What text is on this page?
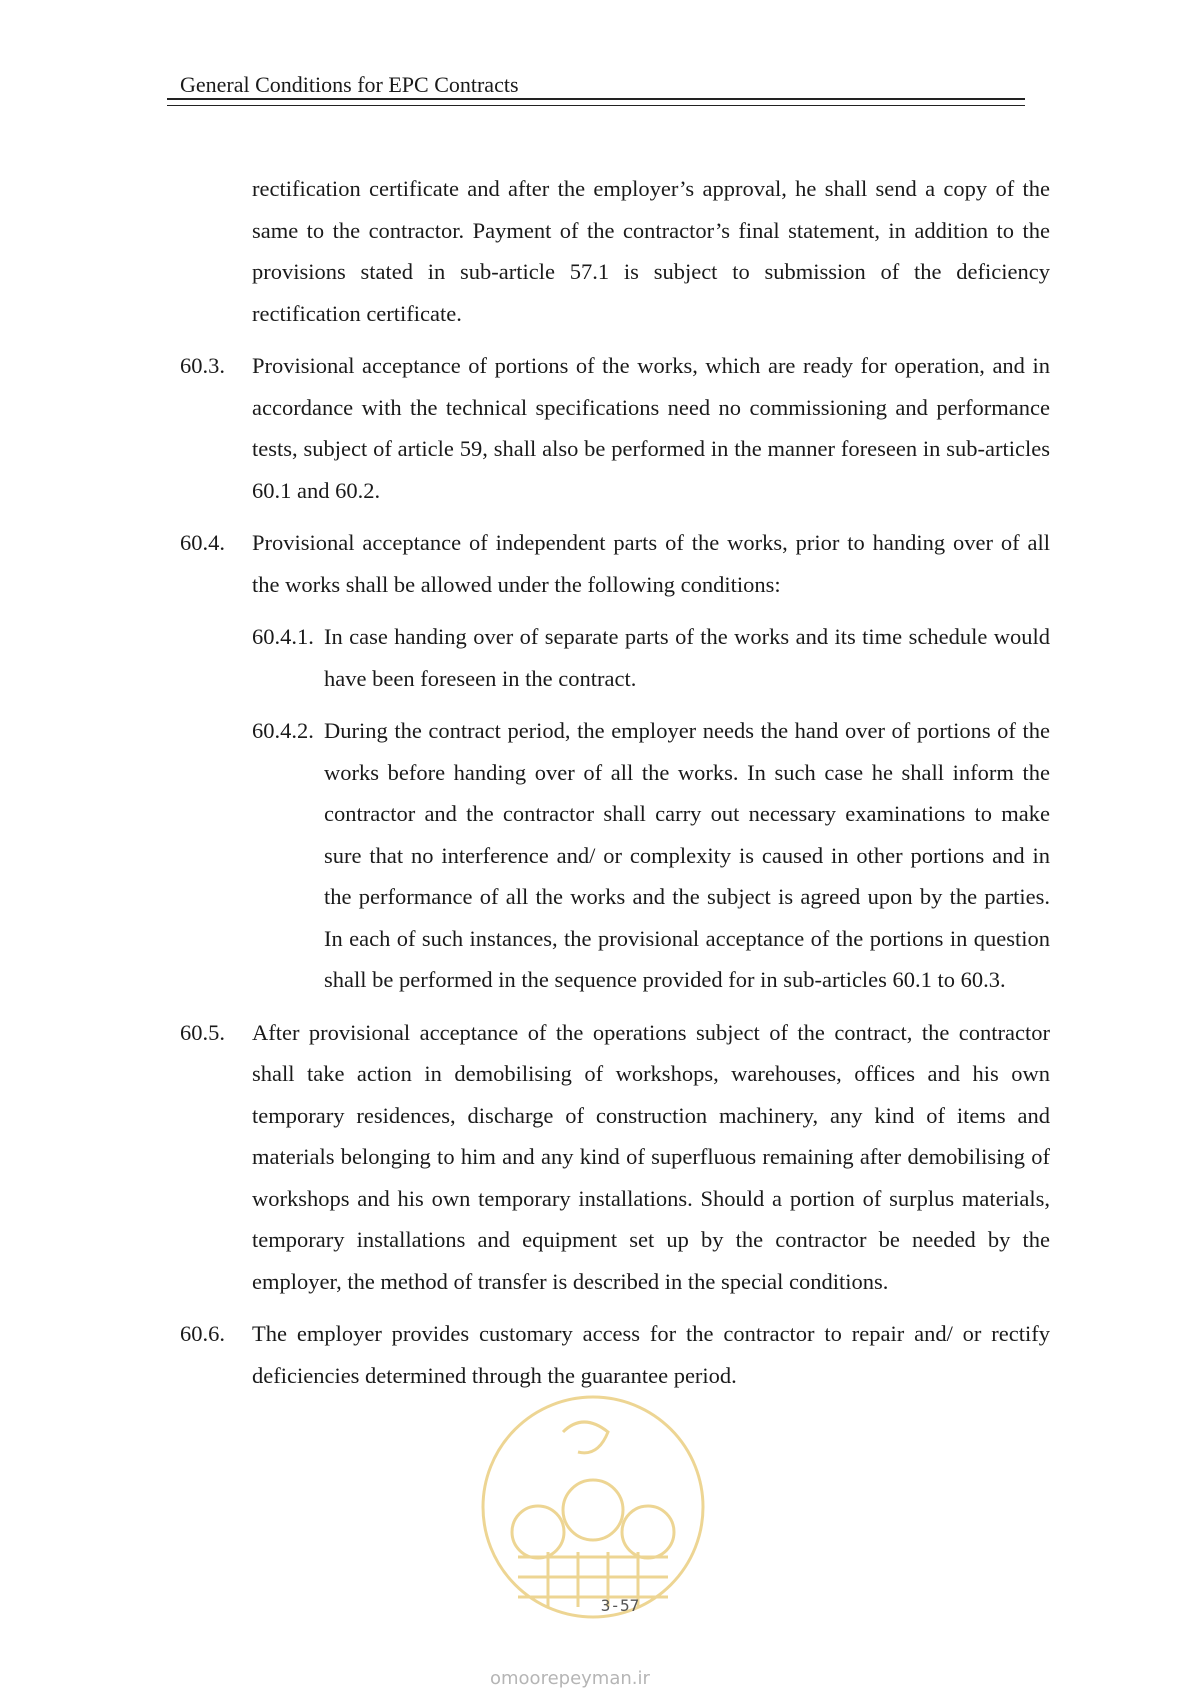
General Conditions for EPC Contracts
rectification certificate and after the employer’s approval, he shall send a copy of the same to the contractor. Payment of the contractor’s final statement, in addition to the provisions stated in sub-article 57.1 is subject to submission of the deficiency rectification certificate.
60.3.	Provisional acceptance of portions of the works, which are ready for operation, and in accordance with the technical specifications need no commissioning and performance tests, subject of article 59, shall also be performed in the manner foreseen in sub-articles 60.1 and 60.2.
60.4.	Provisional acceptance of independent parts of the works, prior to handing over of all the works shall be allowed under the following conditions:
60.4.1. In case handing over of separate parts of the works and its time schedule would have been foreseen in the contract.
60.4.2. During the contract period, the employer needs the hand over of portions of the works before handing over of all the works. In such case he shall inform the contractor and the contractor shall carry out necessary examinations to make sure that no interference and/ or complexity is caused in other portions and in the performance of all the works and the subject is agreed upon by the parties. In each of such instances, the provisional acceptance of the portions in question shall be performed in the sequence provided for in sub-articles 60.1 to 60.3.
60.5.	After provisional acceptance of the operations subject of the contract, the contractor shall take action in demobilising of workshops, warehouses, offices and his own temporary residences, discharge of construction machinery, any kind of items and materials belonging to him and any kind of superfluous remaining after demobilising of workshops and his own temporary installations. Should a portion of surplus materials, temporary installations and equipment set up by the contractor be needed by the employer, the method of transfer is described in the special conditions.
60.6.	The employer provides customary access for the contractor to repair and/ or rectify deficiencies determined through the guarantee period.
3-57
omoorepeyman.ir
